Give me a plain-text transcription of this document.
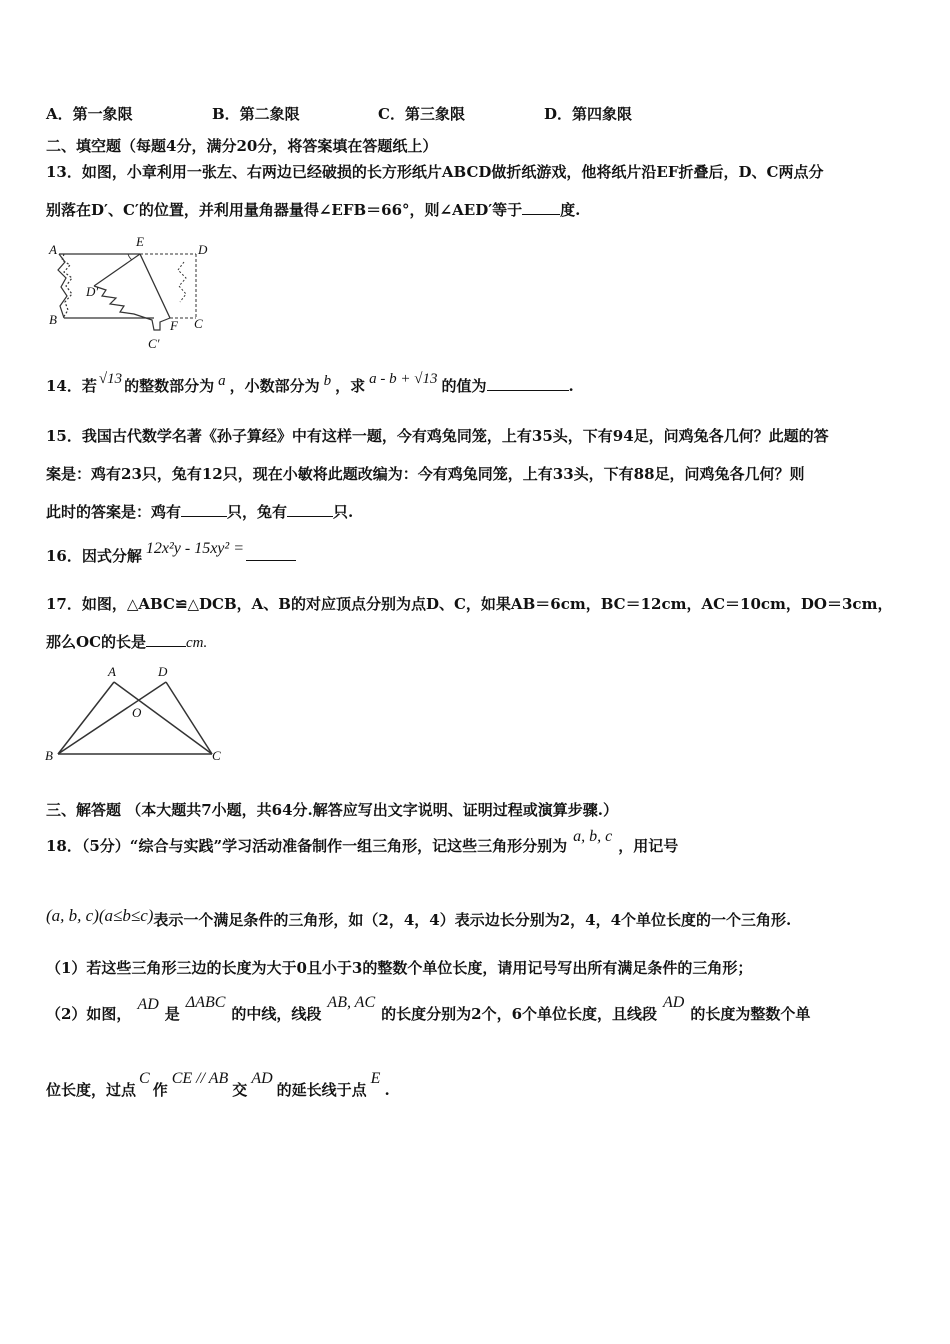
A．第一象限	B．第二象限	C．第三象限	D．第四象限
二、填空题（每题4分，满分20分，将答案填在答题纸上）
13．如图，小章利用一张左、右两边已经破损的长方形纸片ABCD做折纸游戏，他将纸片沿EF折叠后，D、C两点分
别落在D′、C′的位置，并利用量角器量得∠EFB＝66°，则∠AED′等于	度.
A
E
D
D′
B	F C
C′
14．若 √13 的整数部分为 a ，小数部分为 b ，求 a - b + √13 的值为	.
15．我国古代数学名著《孙子算经》中有这样一题，今有鸡兔同笼，上有35头，下有94足，问鸡兔各几何？此题的答
案是：鸡有23只，兔有12只，现在小敏将此题改编为：今有鸡兔同笼，上有33头，下有88足，问鸡兔各几何？则
此时的答案是：鸡有	只，兔有	只.
16．因式分解 12x²y - 15xy² =
17．如图，△ABC≌△DCB，A、B的对应顶点分别为点D、C，如果AB＝6cm，BC＝12cm，AC＝10cm，DO＝3cm，
那么OC的长是	cm.
A	D
O
B	C
三、解答题 （本大题共7小题，共64分.解答应写出文字说明、证明过程或演算步骤.）
18．（5分）“综合与实践”学习活动准备制作一组三角形，记这些三角形分别为a, b, c，用记号
(a, b, c)(a≤b≤c)表示一个满足条件的三角形，如（2，4，4）表示边长分别为2，4，4个单位长度的一个三角形.
（1）若这些三角形三边的长度为大于0且小于3的整数个单位长度，请用记号写出所有满足条件的三角形；
（2）如图，AD是ΔABC的中线，线段AB, AC的长度分别为2个，6个单位长度，且线段AD的长度为整数个单
位长度，过点C作CE // AB交AD的延长线于点E.
